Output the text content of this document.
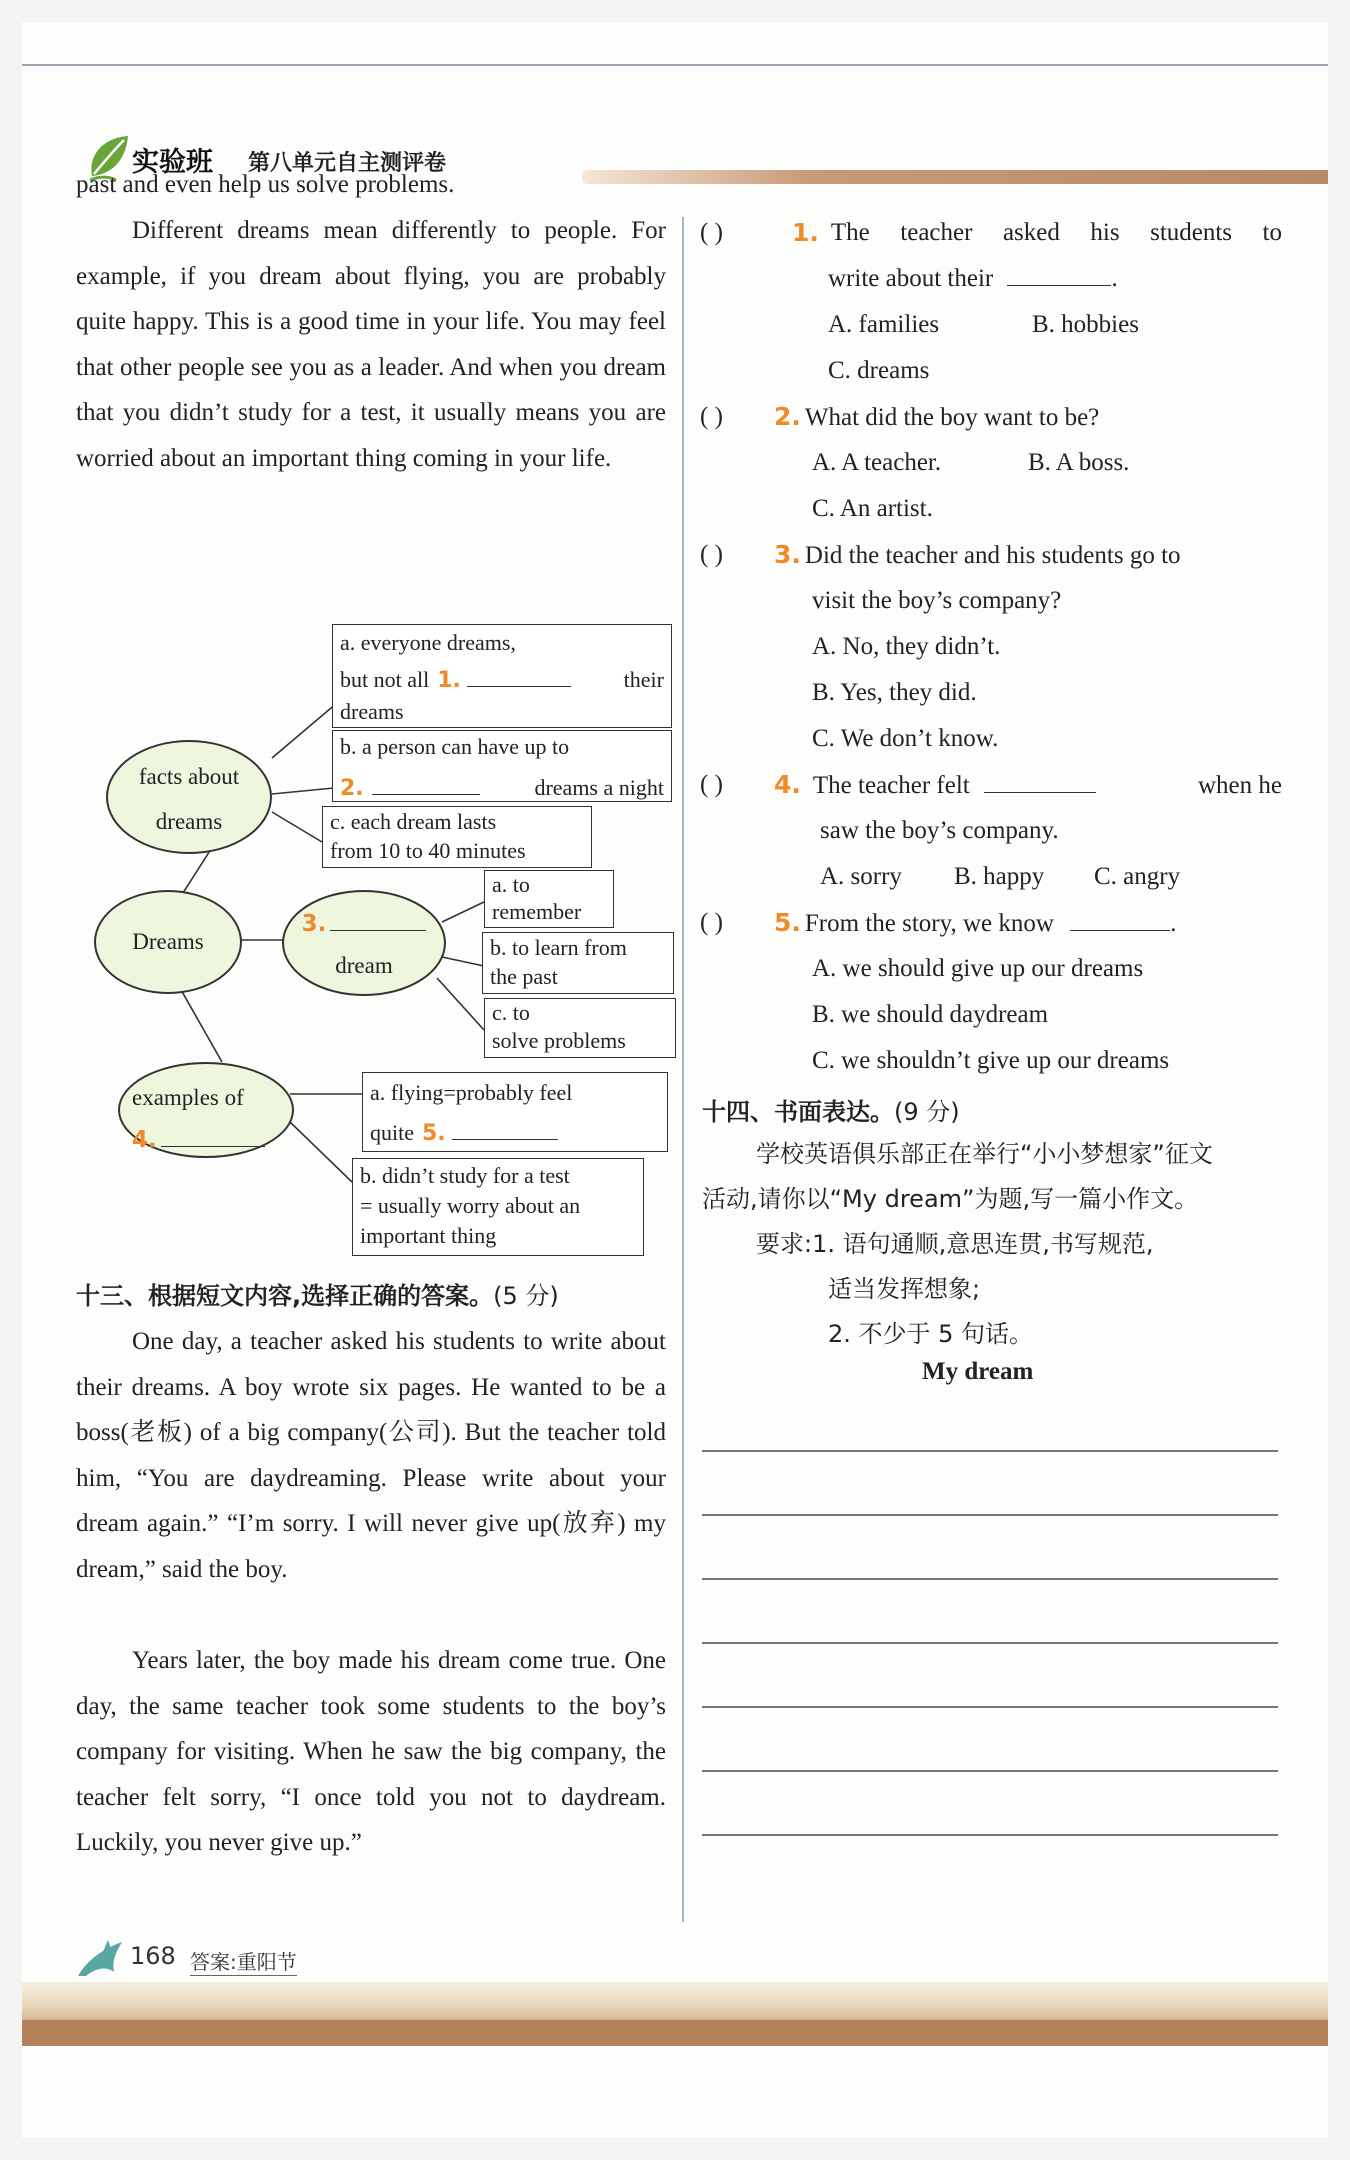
实验班 第八单元自主测评卷
past and even help us solve problems.

Different dreams mean differently to people. For example, if you dream about flying, you are probably quite happy. This is a good time in your life. You may feel that other people see you as a leader. And when you dream that you didn’t study for a test, it usually means you are worried about an important thing coming in your life.

a. everyone dreams,
but not all 1.	their
dreams
b. a person can have up to
2.	dreams a night
c. each dream lasts
from 10 to 40 minutes
facts about dreams
Dreams
3.
dream
a. to
remember
b. to learn from
the past
c. to
solve problems
examples of
4.
a. flying=probably feel
quite 5.
b. didn’t study for a test
= usually worry about an
important thing
十三、根据短文内容,选择正确的答案。(5 分)

One day, a teacher asked his students to write about their dreams. A boy wrote six pages. He wanted to be a boss(老板) of a big company(公司). But the teacher told him, “You are daydreaming. Please write about your dream again.” “I’m sorry. I will never give up(放弃) my dream,” said the boy.

Years later, the boy made his dream come true. One day, the same teacher took some students to the boy’s company for visiting. When he saw the big company, the teacher felt sorry, “I once told you not to daydream. Luckily, you never give up.”

( )	1. The teacher asked his students to
write about their	.
A. families	B. hobbies
C. dreams
( ) 2. What did the boy want to be?
A. A teacher.	B. A boss.
C. An artist.
( ) 3. Did the teacher and his students go to
visit the boy’s company?
A. No, they didn’t.
B. Yes, they did.
C. We don’t know.
( ) 4. The teacher felt	when he
saw the boy’s company.
A. sorry B. happy C. angry
( ) 5. From the story, we know	.
A. we should give up our dreams
B. we should daydream
C. we shouldn’t give up our dreams
十四、书面表达。(9 分)
学校英语俱乐部正在举行“小小梦想家”征文
活动,请你以“My dream”为题,写一篇小作文。
要求:1. 语句通顺,意思连贯,书写规范,
适当发挥想象;
2. 不少于 5 句话。
My dream
168 答案:重阳节
